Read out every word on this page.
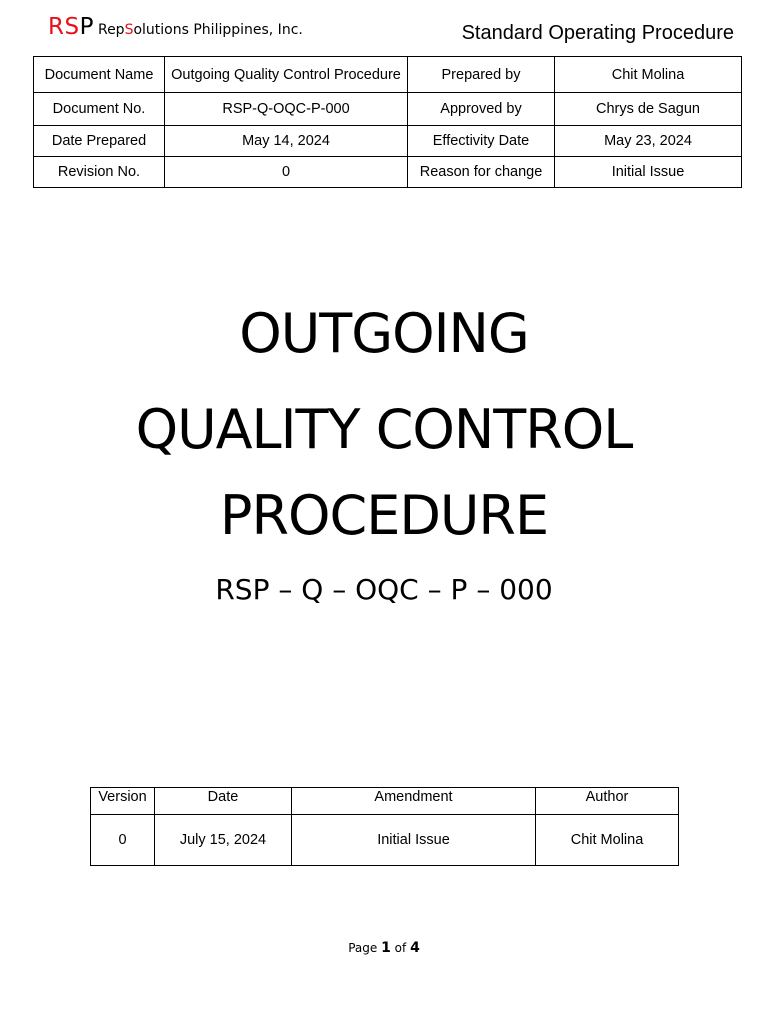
RSP RepSolutions Philippines, Inc.	Standard Operating Procedure
Document Name	Outgoing Quality Control Procedure	Prepared by	Chit Molina
Document No.	RSP-Q-OQC-P-000	Approved by	Chrys de Sagun
Date Prepared	May 14, 2024	Effectivity Date	May 23, 2024
Revision No.	0	Reason for change	Initial Issue
OUTGOING
QUALITY CONTROL
PROCEDURE
RSP – Q – OQC – P – 000
Version	Date	Amendment	Author
0	July 15, 2024	Initial Issue	Chit Molina
Page 1 of 4
